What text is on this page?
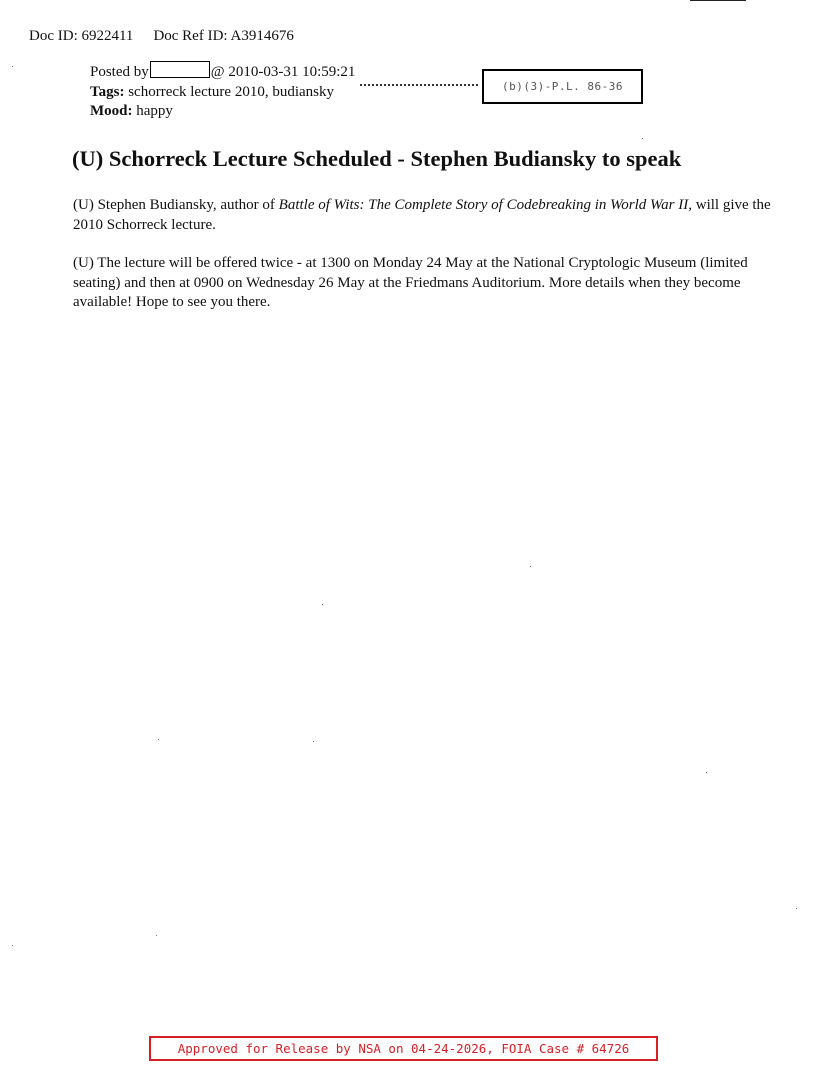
Doc ID: 6922411 Doc Ref ID: A3914676
Posted by	@ 2010-03-31 10:59:21
Tags: schorreck lecture 2010, budiansky
Mood: happy
(b)(3)-P.L. 86-36
(U) Schorreck Lecture Scheduled - Stephen Budiansky to speak

(U) Stephen Budiansky, author of Battle of Wits: The Complete Story of Codebreaking in World War II, will give the 2010 Schorreck lecture.

(U) The lecture will be offered twice - at 1300 on Monday 24 May at the National Cryptologic Museum (limited seating) and then at 0900 on Wednesday 26 May at the Friedmans Auditorium. More details when they become available! Hope to see you there.

Approved for Release by NSA on 04-24-2026, FOIA Case # 64726
